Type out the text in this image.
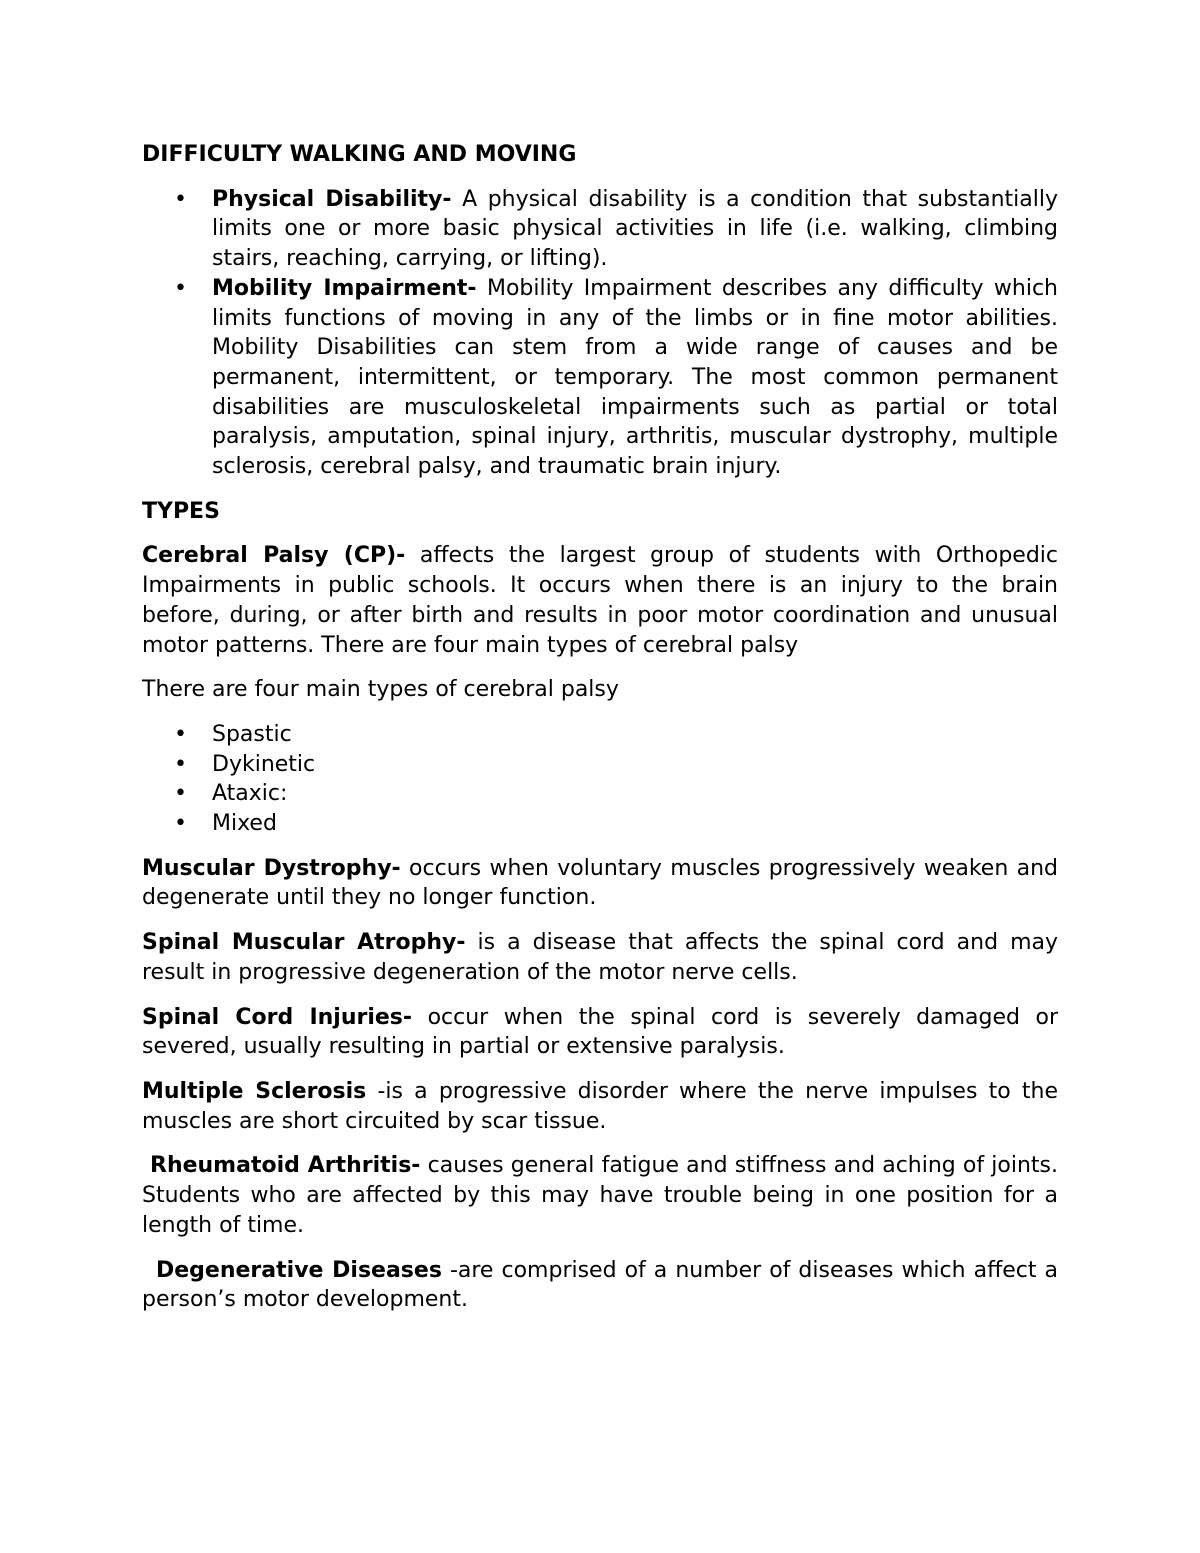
DIFFICULTY WALKING AND MOVING
• Physical Disability- A physical disability is a condition that substantially limits one or more basic physical activities in life (i.e. walking, climbing stairs, reaching, carrying, or lifting).
• Mobility Impairment- Mobility Impairment describes any difficulty which limits functions of moving in any of the limbs or in fine motor abilities. Mobility Disabilities can stem from a wide range of causes and be permanent, intermittent, or temporary. The most common permanent disabilities are musculoskeletal impairments such as partial or total paralysis, amputation, spinal injury, arthritis, muscular dystrophy, multiple sclerosis, cerebral palsy, and traumatic brain injury.
TYPES

Cerebral Palsy (CP)- affects the largest group of students with Orthopedic Impairments in public schools. It occurs when there is an injury to the brain before, during, or after birth and results in poor motor coordination and unusual motor patterns. There are four main types of cerebral palsy

There are four main types of cerebral palsy

• Spastic
• Dykinetic
• Ataxic:
• Mixed

Muscular Dystrophy- occurs when voluntary muscles progressively weaken and degenerate until they no longer function.

Spinal Muscular Atrophy- is a disease that affects the spinal cord and may result in progressive degeneration of the motor nerve cells.

Spinal Cord Injuries- occur when the spinal cord is severely damaged or severed, usually resulting in partial or extensive paralysis.

Multiple Sclerosis -is a progressive disorder where the nerve impulses to the muscles are short circuited by scar tissue.

Rheumatoid Arthritis- causes general fatigue and stiffness and aching of joints. Students who are affected by this may have trouble being in one position for a length of time.

Degenerative Diseases -are comprised of a number of diseases which affect a person’s motor development.
